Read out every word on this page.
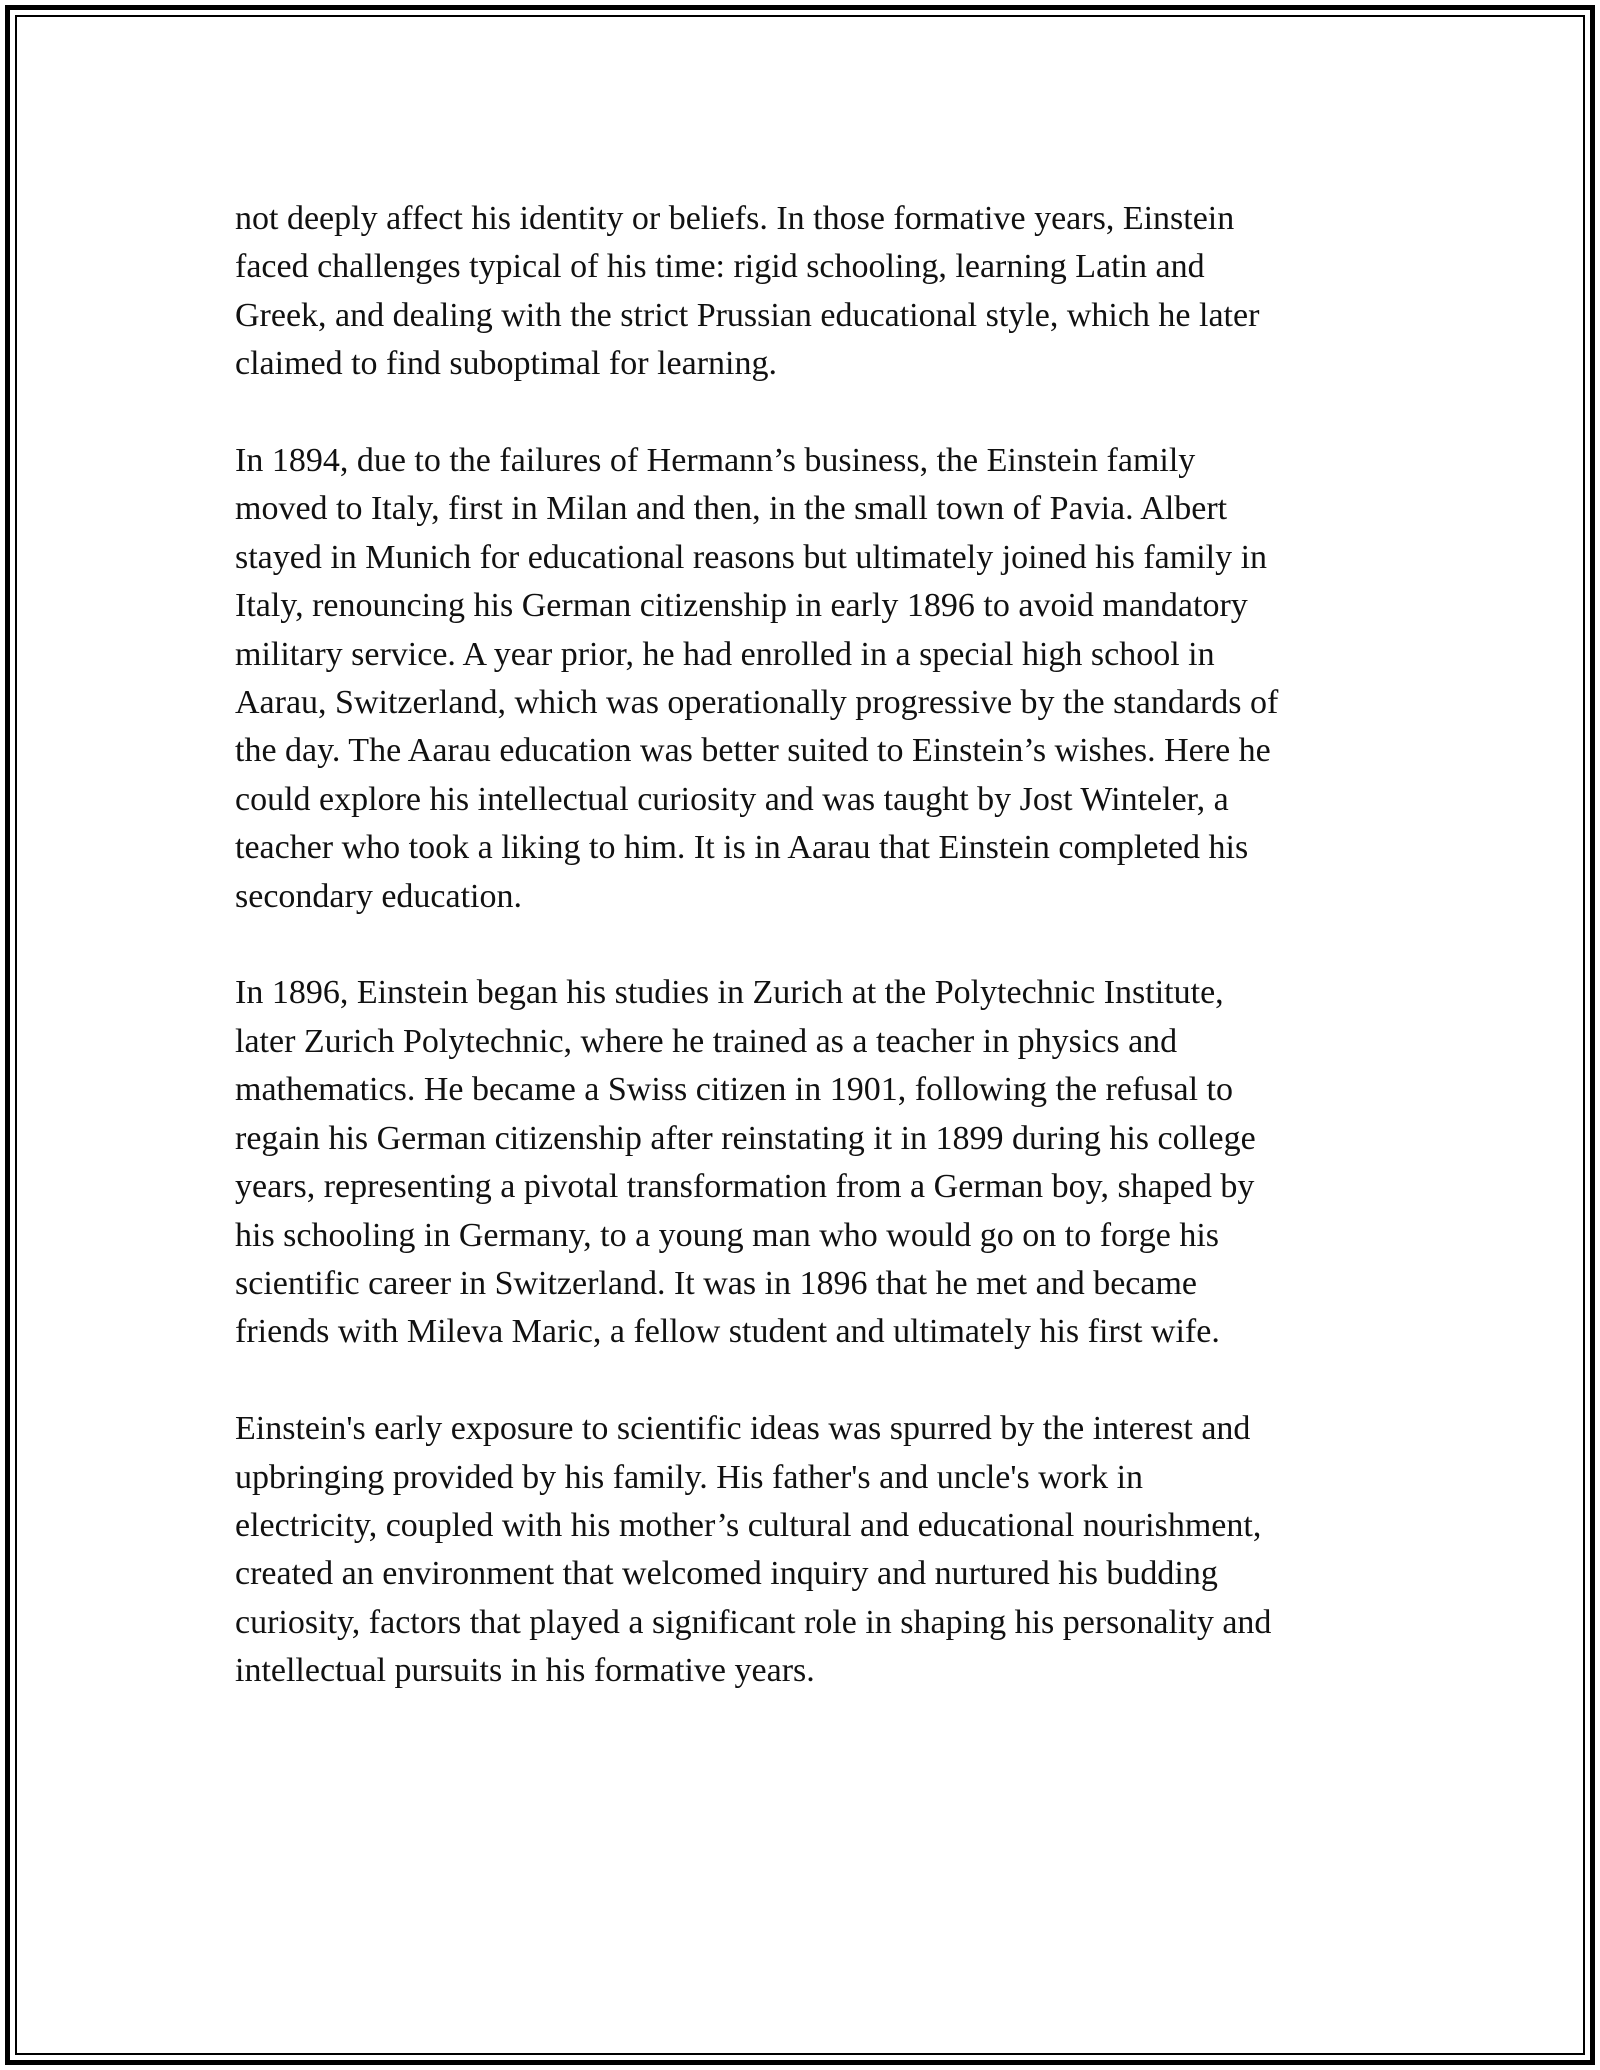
not deeply affect his identity or beliefs. In those formative years, Einstein
faced challenges typical of his time: rigid schooling, learning Latin and
Greek, and dealing with the strict Prussian educational style, which he later
claimed to find suboptimal for learning.

In 1894, due to the failures of Hermann’s business, the Einstein family
moved to Italy, first in Milan and then, in the small town of Pavia. Albert
stayed in Munich for educational reasons but ultimately joined his family in
Italy, renouncing his German citizenship in early 1896 to avoid mandatory
military service. A year prior, he had enrolled in a special high school in
Aarau, Switzerland, which was operationally progressive by the standards of
the day. The Aarau education was better suited to Einstein’s wishes. Here he
could explore his intellectual curiosity and was taught by Jost Winteler, a
teacher who took a liking to him. It is in Aarau that Einstein completed his
secondary education.

In 1896, Einstein began his studies in Zurich at the Polytechnic Institute,
later Zurich Polytechnic, where he trained as a teacher in physics and
mathematics. He became a Swiss citizen in 1901, following the refusal to
regain his German citizenship after reinstating it in 1899 during his college
years, representing a pivotal transformation from a German boy, shaped by
his schooling in Germany, to a young man who would go on to forge his
scientific career in Switzerland. It was in 1896 that he met and became
friends with Mileva Maric, a fellow student and ultimately his first wife.

Einstein's early exposure to scientific ideas was spurred by the interest and
upbringing provided by his family. His father's and uncle's work in
electricity, coupled with his mother’s cultural and educational nourishment,
created an environment that welcomed inquiry and nurtured his budding
curiosity, factors that played a significant role in shaping his personality and
intellectual pursuits in his formative years.
